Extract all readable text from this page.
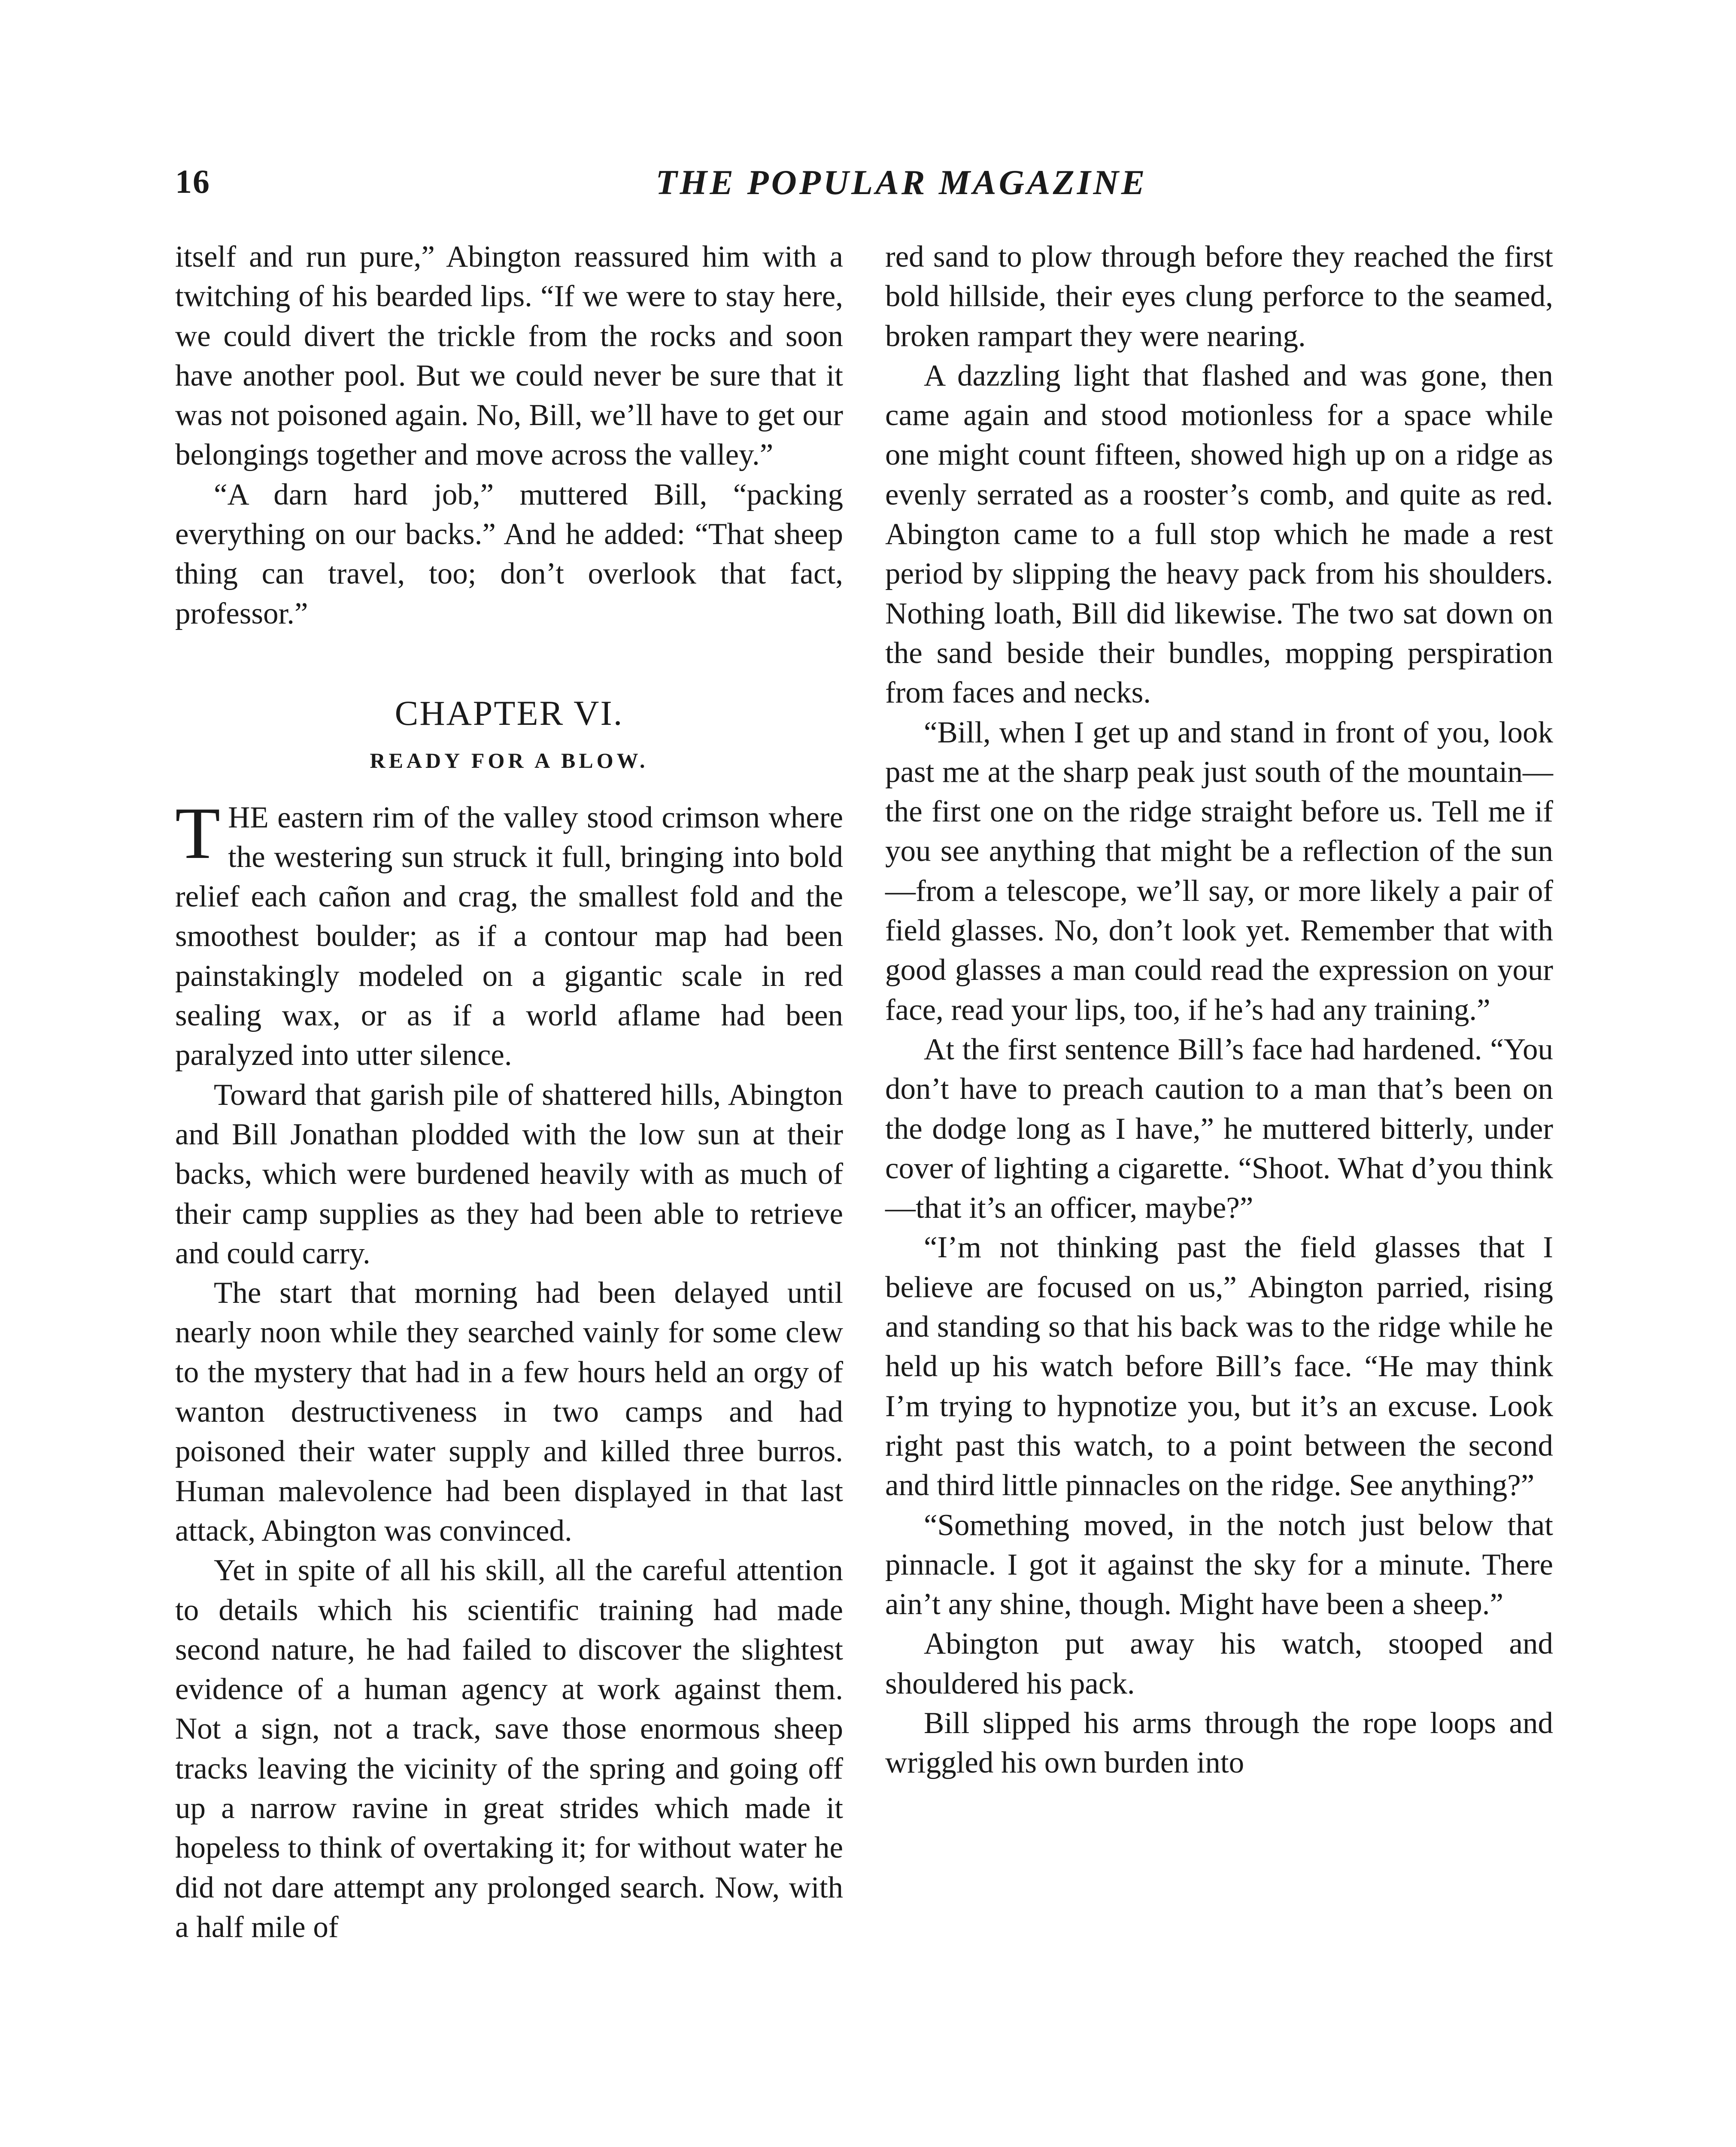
16	THE POPULAR MAGAZINE

itself and run pure,” Abington reassured him with a twitching of his bearded lips. “If we were to stay here, we could divert the trickle from the rocks and soon have another pool. But we could never be sure that it was not poisoned again. No, Bill, we’ll have to get our belongings together and move across the valley.”

“A darn hard job,” muttered Bill, “packing everything on our backs.” And he added: “That sheep thing can travel, too; don’t overlook that fact, professor.”

CHAPTER VI.
READY FOR A BLOW.

THE eastern rim of the valley stood crimson where the westering sun struck it full, bringing into bold relief each cañon and crag, the smallest fold and the smoothest boulder; as if a contour map had been painstakingly modeled on a gigantic scale in red sealing wax, or as if a world aflame had been paralyzed into utter silence.

Toward that garish pile of shattered hills, Abington and Bill Jonathan plodded with the low sun at their backs, which were burdened heavily with as much of their camp supplies as they had been able to retrieve and could carry.

The start that morning had been delayed until nearly noon while they searched vainly for some clew to the mystery that had in a few hours held an orgy of wanton destructiveness in two camps and had poisoned their water supply and killed three burros. Human malevolence had been displayed in that last attack, Abington was convinced.

Yet in spite of all his skill, all the careful attention to details which his scientific training had made second nature, he had failed to discover the slightest evidence of a human agency at work against them. Not a sign, not a track, save those enormous sheep tracks leaving the vicinity of the spring and going off up a narrow ravine in great strides which made it hopeless to think of overtaking it; for without water he did not dare attempt any prolonged search. Now, with a half mile of

red sand to plow through before they reached the first bold hillside, their eyes clung perforce to the seamed, broken rampart they were nearing.

A dazzling light that flashed and was gone, then came again and stood motionless for a space while one might count fifteen, showed high up on a ridge as evenly serrated as a rooster’s comb, and quite as red. Abington came to a full stop which he made a rest period by slipping the heavy pack from his shoulders. Nothing loath, Bill did likewise. The two sat down on the sand beside their bundles, mopping perspiration from faces and necks.

“Bill, when I get up and stand in front of you, look past me at the sharp peak just south of the mountain—the first one on the ridge straight before us. Tell me if you see anything that might be a reflection of the sun—from a telescope, we’ll say, or more likely a pair of field glasses. No, don’t look yet. Remember that with good glasses a man could read the expression on your face, read your lips, too, if he’s had any training.”

At the first sentence Bill’s face had hardened. “You don’t have to preach caution to a man that’s been on the dodge long as I have,” he muttered bitterly, under cover of lighting a cigarette. “Shoot. What d’you think—that it’s an officer, maybe?”

“I’m not thinking past the field glasses that I believe are focused on us,” Abington parried, rising and standing so that his back was to the ridge while he held up his watch before Bill’s face. “He may think I’m trying to hypnotize you, but it’s an excuse. Look right past this watch, to a point between the second and third little pinnacles on the ridge. See anything?”

“Something moved, in the notch just below that pinnacle. I got it against the sky for a minute. There ain’t any shine, though. Might have been a sheep.”

Abington put away his watch, stooped and shouldered his pack.

Bill slipped his arms through the rope loops and wriggled his own burden into
